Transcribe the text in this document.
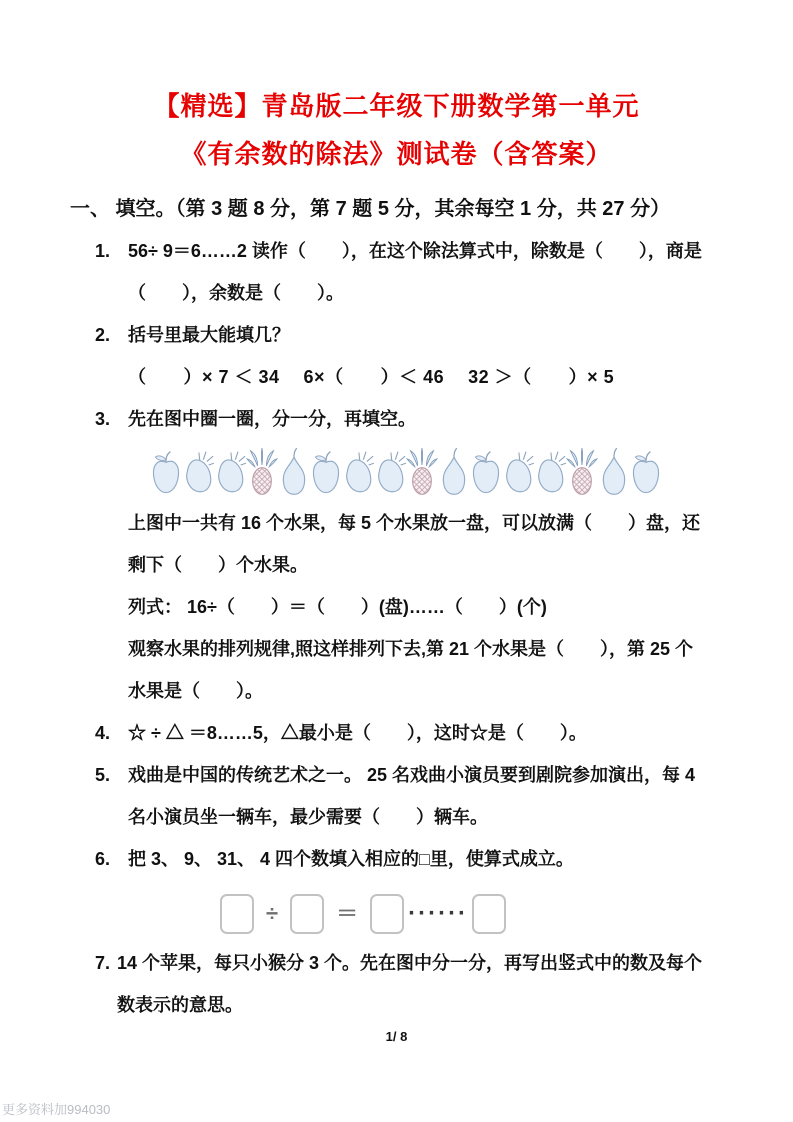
【精选】青岛版二年级下册数学第一单元
《有余数的除法》测试卷（含答案）
一、 填空。（第 3 题 8 分，第 7 题 5 分，其余每空 1 分，共 27 分）
1. 56÷ 9＝6……2 读作（　　），在这个除法算式中，除数是（　　），商是（　　），余数是（　　）。
2. 括号里最大能填几？
（　　）× 7 ＜ 34　 6×（　　）＜ 46　 32 ＞（　　）× 5
3. 先在图中圈一圈，分一分，再填空。
上图中一共有 16 个水果，每 5 个水果放一盘，可以放满（　　）盘，还剩下（　　）个水果。
列式： 16÷（　　）＝（　　）(盘)……（　　）(个)
观察水果的排列规律,照这样排列下去,第 21 个水果是（　　），第 25 个水果是（　　）。
4. ☆ ÷ △ ＝8……5，△最小是（　　），这时☆是（　　）。
5. 戏曲是中国的传统艺术之一。 25 名戏曲小演员要到剧院参加演出，每 4 名小演员坐一辆车，最少需要（　　）辆车。
6. 把 3、 9、 31、 4 四个数填入相应的□里，使算式成立。
÷	＝	······
7. 14 个苹果，每只小猴分 3 个。先在图中分一分，再写出竖式中的数及每个数表示的意思。
1/ 8
更多资料加994030
